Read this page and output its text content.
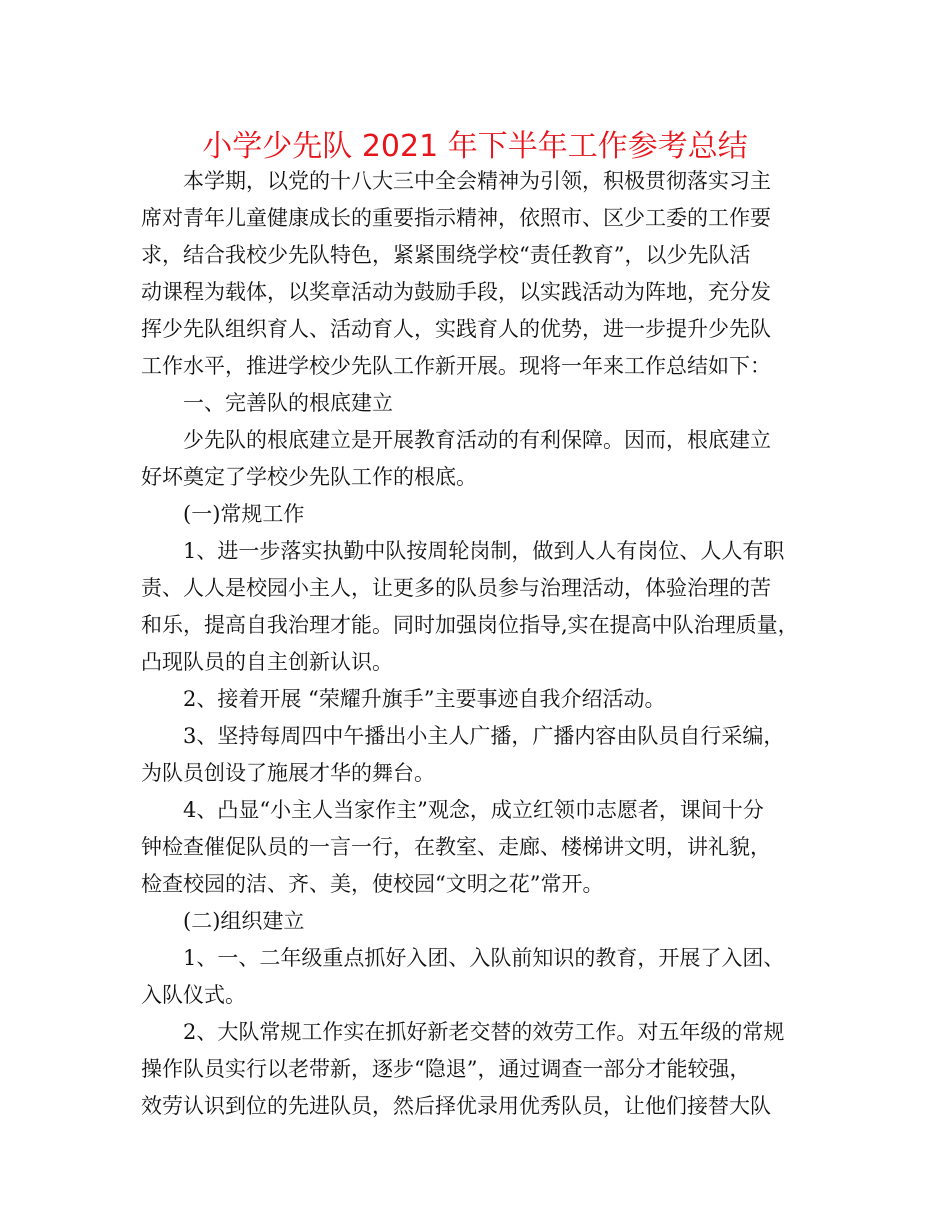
小学少先队 2021 年下半年工作参考总结
本学期，以党的十八大三中全会精神为引领，积极贯彻落实习主
席对青年儿童健康成长的重要指示精神，依照市、区少工委的工作要
求，结合我校少先队特色，紧紧围绕学校“责任教育”，以少先队活
动课程为载体，以奖章活动为鼓励手段，以实践活动为阵地，充分发
挥少先队组织育人、活动育人，实践育人的优势，进一步提升少先队
工作水平，推进学校少先队工作新开展。现将一年来工作总结如下：
一、完善队的根底建立
少先队的根底建立是开展教育活动的有利保障。因而，根底建立
好坏奠定了学校少先队工作的根底。
(一)常规工作
1、进一步落实执勤中队按周轮岗制，做到人人有岗位、人人有职
责、人人是校园小主人，让更多的队员参与治理活动，体验治理的苦
和乐，提高自我治理才能。同时加强岗位指导,实在提高中队治理质量，
凸现队员的自主创新认识。
2、接着开展 “荣耀升旗手”主要事迹自我介绍活动。
3、坚持每周四中午播出小主人广播，广播内容由队员自行采编，
为队员创设了施展才华的舞台。
4、凸显“小主人当家作主”观念，成立红领巾志愿者，课间十分
钟检查催促队员的一言一行，在教室、走廊、楼梯讲文明，讲礼貌，
检查校园的洁、齐、美，使校园“文明之花”常开。
(二)组织建立
1、一、二年级重点抓好入团、入队前知识的教育，开展了入团、
入队仪式。
2、大队常规工作实在抓好新老交替的效劳工作。对五年级的常规
操作队员实行以老带新，逐步“隐退”，通过调查一部分才能较强，
效劳认识到位的先进队员，然后择优录用优秀队员，让他们接替大队
